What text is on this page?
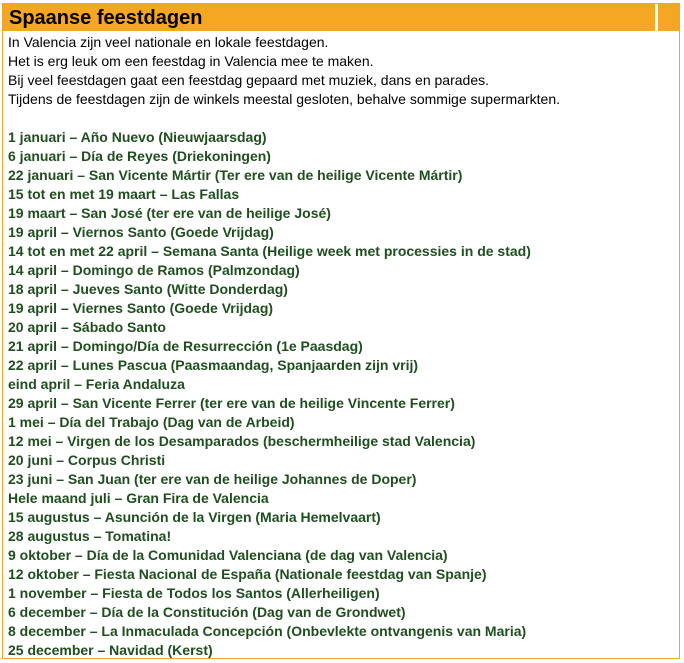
Spaanse feestdagen
In Valencia zijn veel nationale en lokale feestdagen.
Het is erg leuk om een feestdag in Valencia mee te maken.
Bij veel feestdagen gaat een feestdag gepaard met muziek, dans en parades.
Tijdens de feestdagen zijn de winkels meestal gesloten, behalve sommige supermarkten.
1 januari – Año Nuevo (Nieuwjaarsdag)
6 januari – Día de Reyes (Driekoningen)
22 januari – San Vicente Mártir (Ter ere van de heilige Vicente Mártir)
15 tot en met 19 maart – Las Fallas
19 maart – San José (ter ere van de heilige José)
19 april – Viernos Santo (Goede Vrijdag)
14 tot en met 22 april – Semana Santa (Heilige week met processies in de stad)
14 april – Domingo de Ramos (Palmzondag)
18 april – Jueves Santo (Witte Donderdag)
19 april – Viernes Santo (Goede Vrijdag)
20 april – Sábado Santo
21 april – Domingo/Día de Resurrección (1e Paasdag)
22 april – Lunes Pascua (Paasmaandag, Spanjaarden zijn vrij)
eind april – Feria Andaluza
29 april – San Vicente Ferrer (ter ere van de heilige Vincente Ferrer)
1 mei – Día del Trabajo (Dag van de Arbeid)
12 mei – Virgen de los Desamparados (beschermheilige stad Valencia)
20 juni – Corpus Christi
23 juni – San Juan (ter ere van de heilige Johannes de Doper)
Hele maand juli – Gran Fira de Valencia
15 augustus – Asunción de la Virgen (Maria Hemelvaart)
28 augustus – Tomatina!
9 oktober – Día de la Comunidad Valenciana (de dag van Valencia)
12 oktober – Fiesta Nacional de España (Nationale feestdag van Spanje)
1 november – Fiesta de Todos los Santos (Allerheiligen)
6 december – Día de la Constitución (Dag van de Grondwet)
8 december – La Inmaculada Concepción (Onbevlekte ontvangenis van Maria)
25 december – Navidad (Kerst)
